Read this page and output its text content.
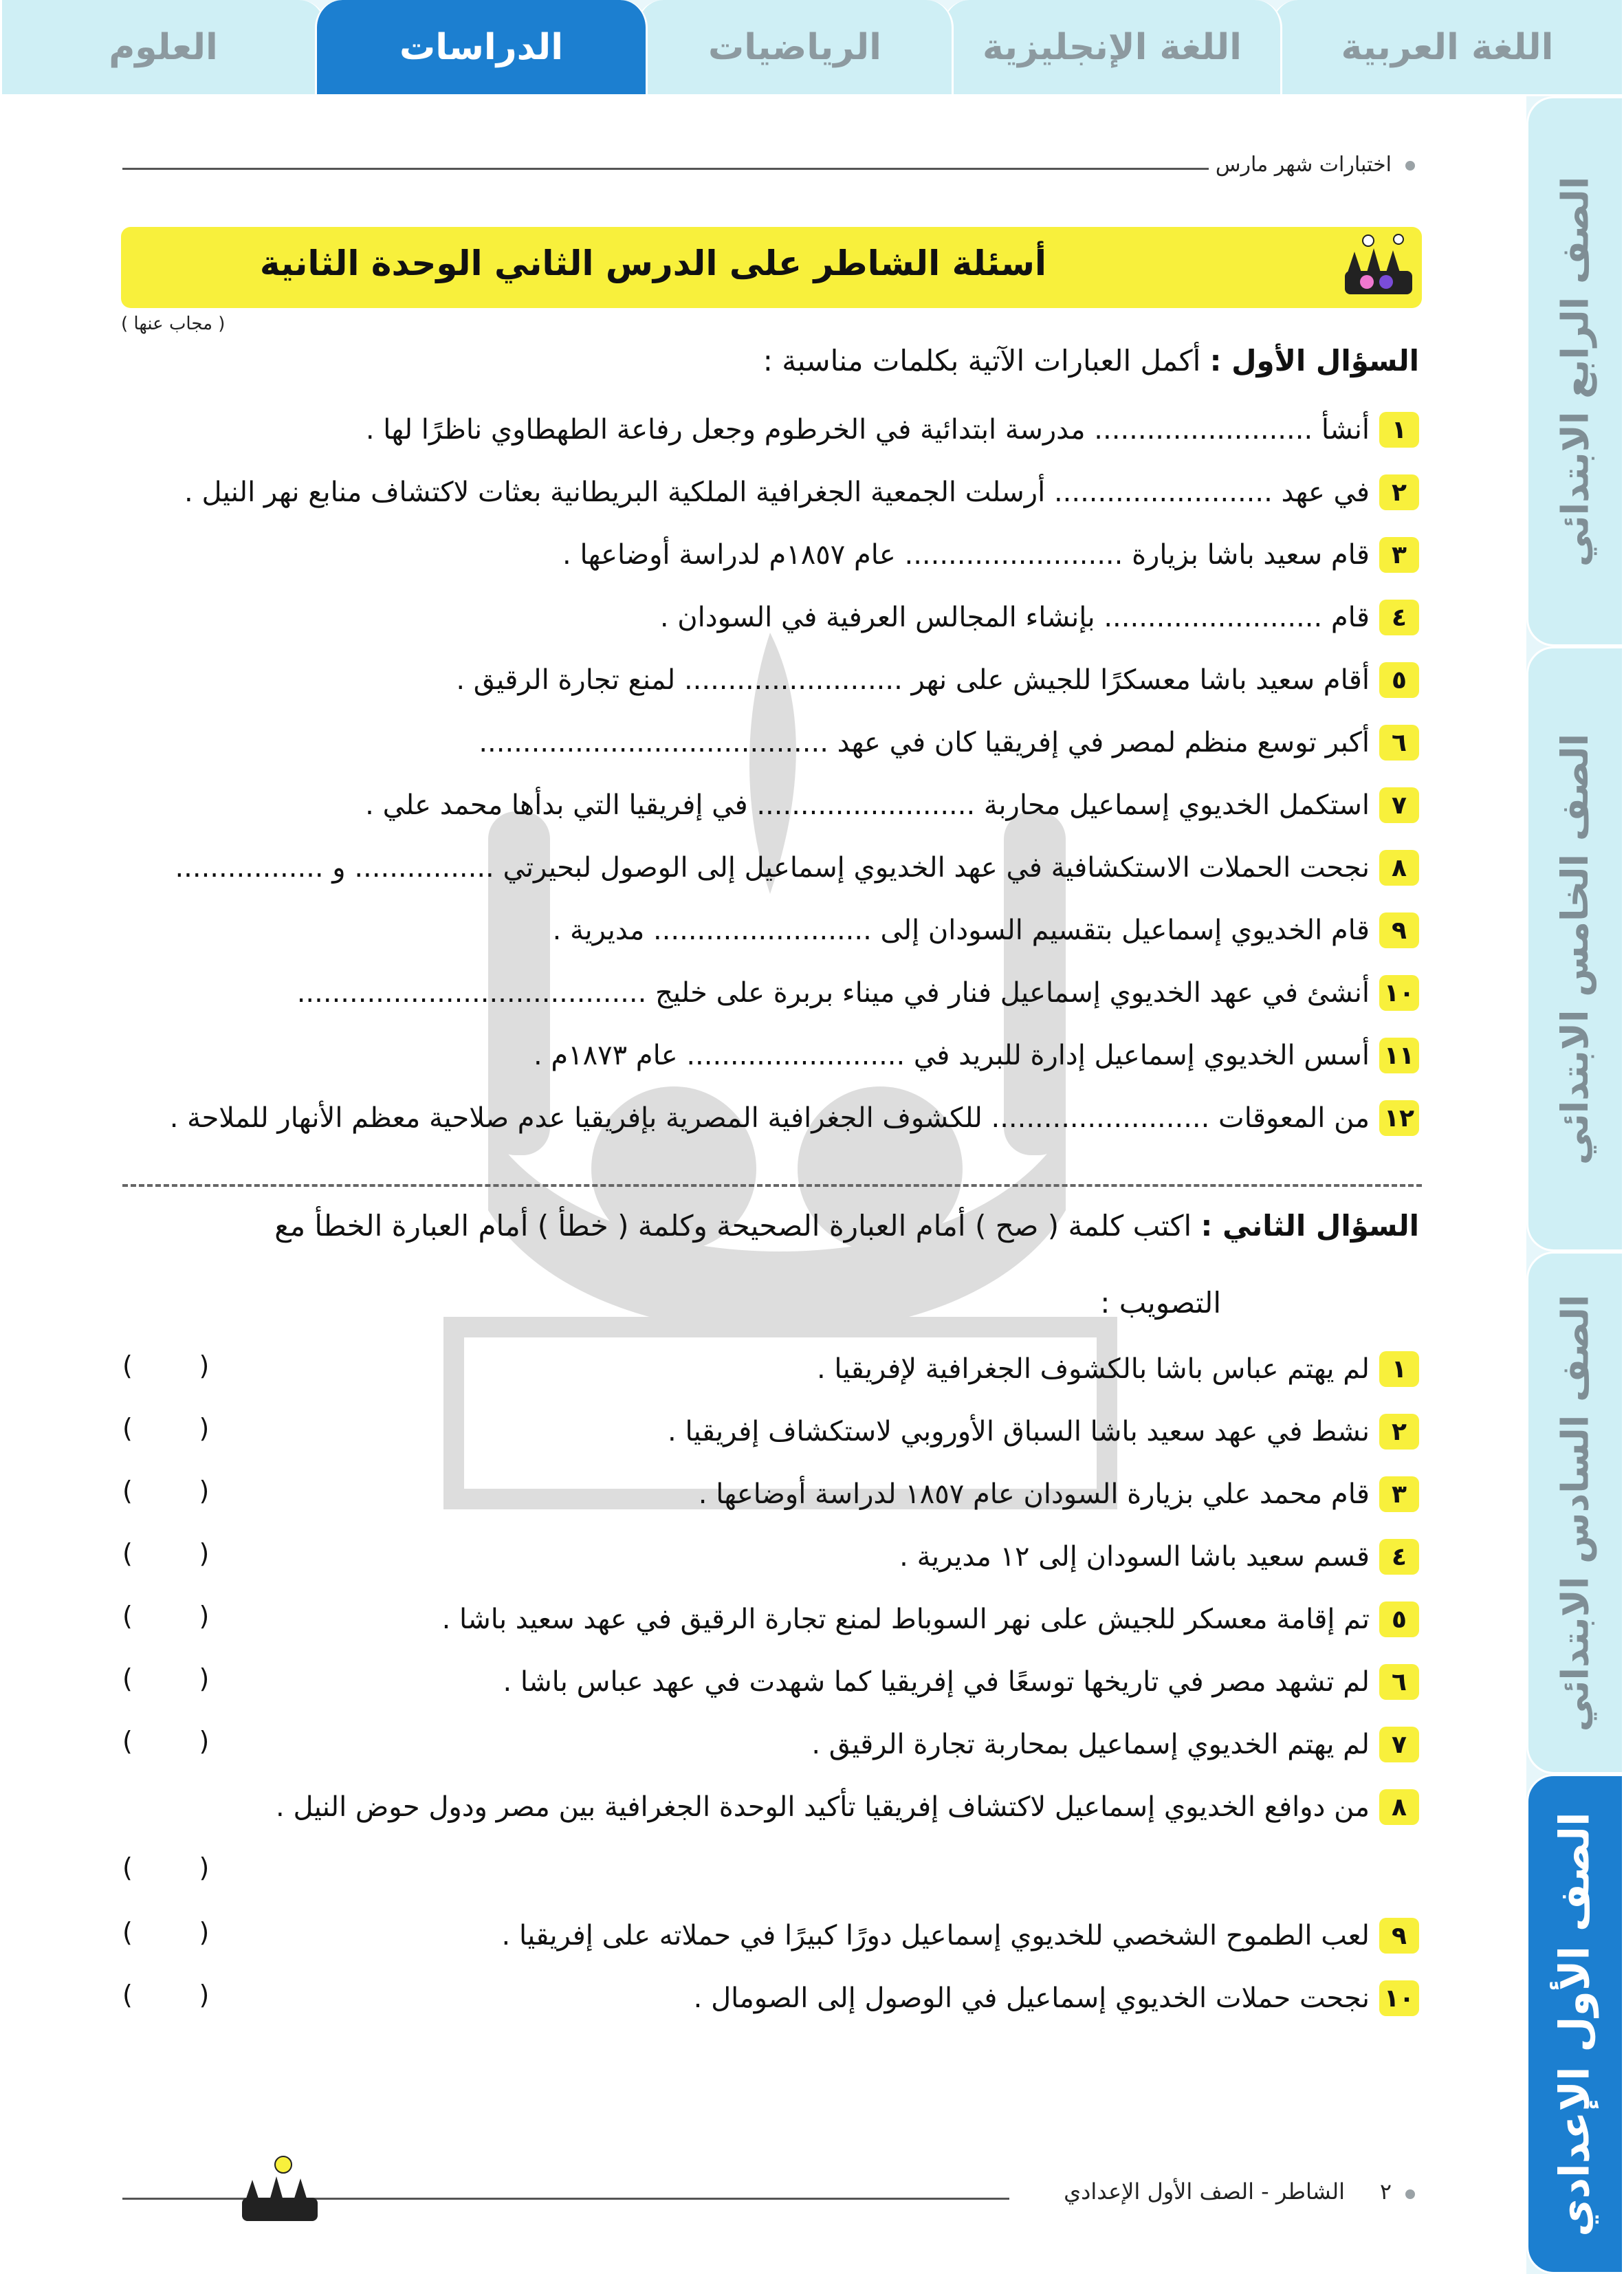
اللغة العربية
اللغة الإنجليزية
الرياضيات
الدراسات
العلوم
الصف الرابع الابتدائي
الصف الخامس الابتدائي
الصف السادس الابتدائي
الصف الأول الإعدادي
اختبارات شهر مارس
أسئلة الشاطر على الدرس الثاني الوحدة الثانية
( مجاب عنها )
السؤال الأول : أكمل العبارات الآتية بكلمات مناسبة :
١
أنشأ ......................... مدرسة ابتدائية في الخرطوم وجعل رفاعة الطهطاوي ناظرًا لها .
٢
في عهد ......................... أرسلت الجمعية الجغرافية الملكية البريطانية بعثات لاكتشاف منابع نهر النيل .
٣
قام سعيد باشا بزيارة ......................... عام ١٨٥٧م لدراسة أوضاعها .
٤
قام ......................... بإنشاء المجالس العرفية في السودان .
٥
أقام سعيد باشا معسكرًا للجيش على نهر ......................... لمنع تجارة الرقيق .
٦
أكبر توسع منظم لمصر في إفريقيا كان في عهد ........................................
٧
استكمل الخديوي إسماعيل محاربة ......................... في إفريقيا التي بدأها محمد علي .
٨
نجحت الحملات الاستكشافية في عهد الخديوي إسماعيل إلى الوصول لبحيرتي ................ و .................
٩
قام الخديوي إسماعيل بتقسيم السودان إلى ......................... مديرية .
١٠
أنشئ في عهد الخديوي إسماعيل فنار في ميناء بربرة على خليج ........................................
١١
أسس الخديوي إسماعيل إدارة للبريد في ......................... عام ١٨٧٣م .
١٢
من المعوقات ......................... للكشوف الجغرافية المصرية بإفريقيا عدم صلاحية معظم الأنهار للملاحة .
السؤال الثاني : اكتب كلمة ( صح ) أمام العبارة الصحيحة وكلمة ( خطأ ) أمام العبارة الخطأ مع
التصويب :
١
لم يهتم عباس باشا بالكشوف الجغرافية لإفريقيا .
(        )
٢
نشط في عهد سعيد باشا السباق الأوروبي لاستكشاف إفريقيا .
(        )
٣
قام محمد علي بزيارة السودان عام ١٨٥٧ لدراسة أوضاعها .
(        )
٤
قسم سعيد باشا السودان إلى ١٢ مديرية .
(        )
٥
تم إقامة معسكر للجيش على نهر السوباط لمنع تجارة الرقيق في عهد سعيد باشا .
(        )
٦
لم تشهد مصر في تاريخها توسعًا في إفريقيا كما شهدت في عهد عباس باشا .
(        )
٧
لم يهتم الخديوي إسماعيل بمحاربة تجارة الرقيق .
(        )
٨
من دوافع الخديوي إسماعيل لاكتشاف إفريقيا تأكيد الوحدة الجغرافية بين مصر ودول حوض النيل .
(        )
٩
لعب الطموح الشخصي للخديوي إسماعيل دورًا كبيرًا في حملاته على إفريقيا .
(        )
١٠
نجحت حملات الخديوي إسماعيل في الوصول إلى الصومال .
(        )
٢     الشاطر - الصف الأول الإعدادي
